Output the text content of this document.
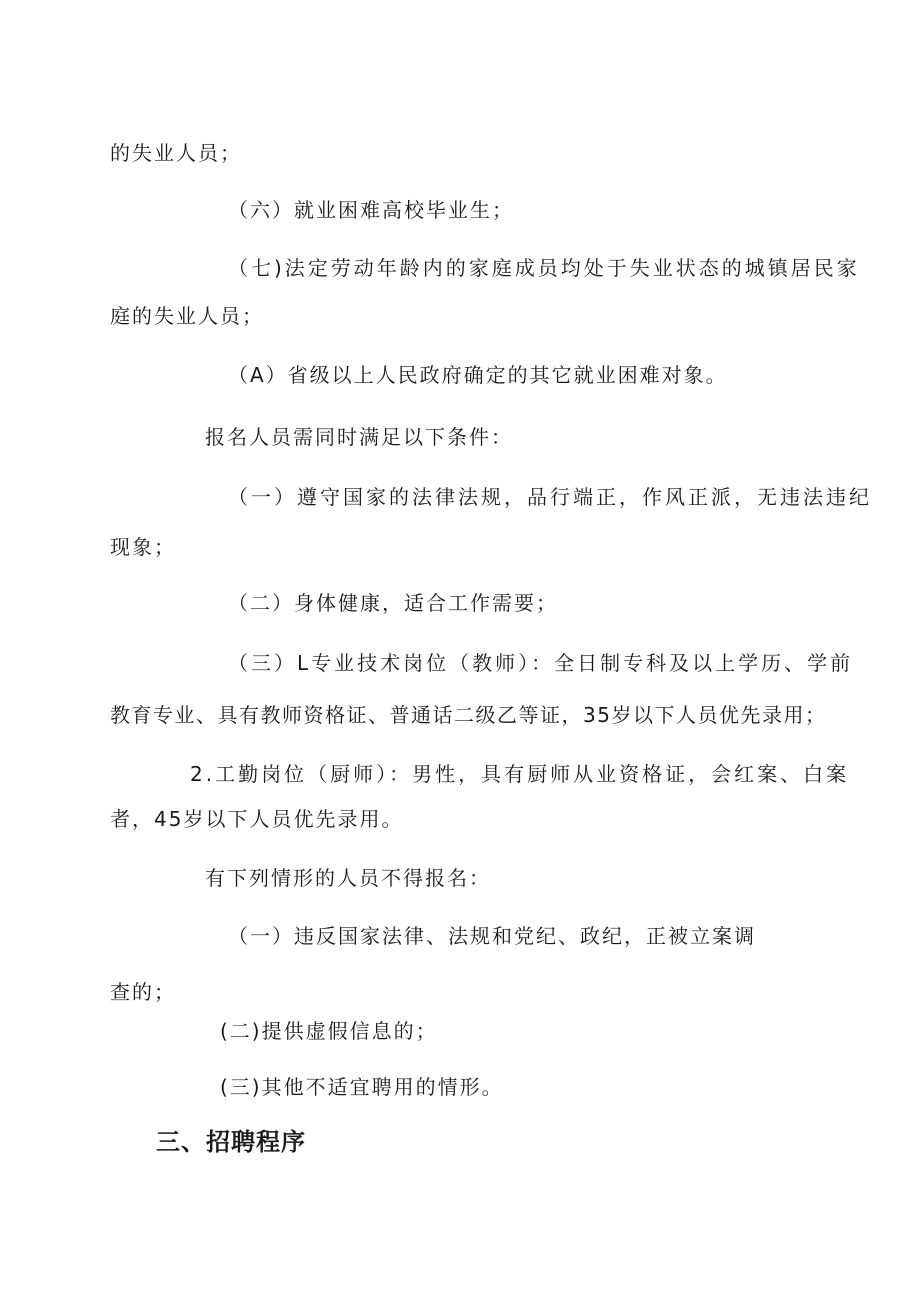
的失业人员；
（六）就业困难高校毕业生；
（七)法定劳动年龄内的家庭成员均处于失业状态的城镇居民家
庭的失业人员；
（A）省级以上人民政府确定的其它就业困难对象。
报名人员需同时满足以下条件：
（一）遵守国家的法律法规，品行端正，作风正派，无违法违纪
现象；
（二）身体健康，适合工作需要；
（三）L专业技术岗位（教师）：全日制专科及以上学历、学前
教育专业、具有教师资格证、普通话二级乙等证，35岁以下人员优先录用；
2.工勤岗位（厨师）：男性，具有厨师从业资格证，会红案、白案
者，45岁以下人员优先录用。
有下列情形的人员不得报名：
（一）违反国家法律、法规和党纪、政纪，正被立案调
查的；
(二)提供虚假信息的；
(三)其他不适宜聘用的情形。
三、招聘程序
